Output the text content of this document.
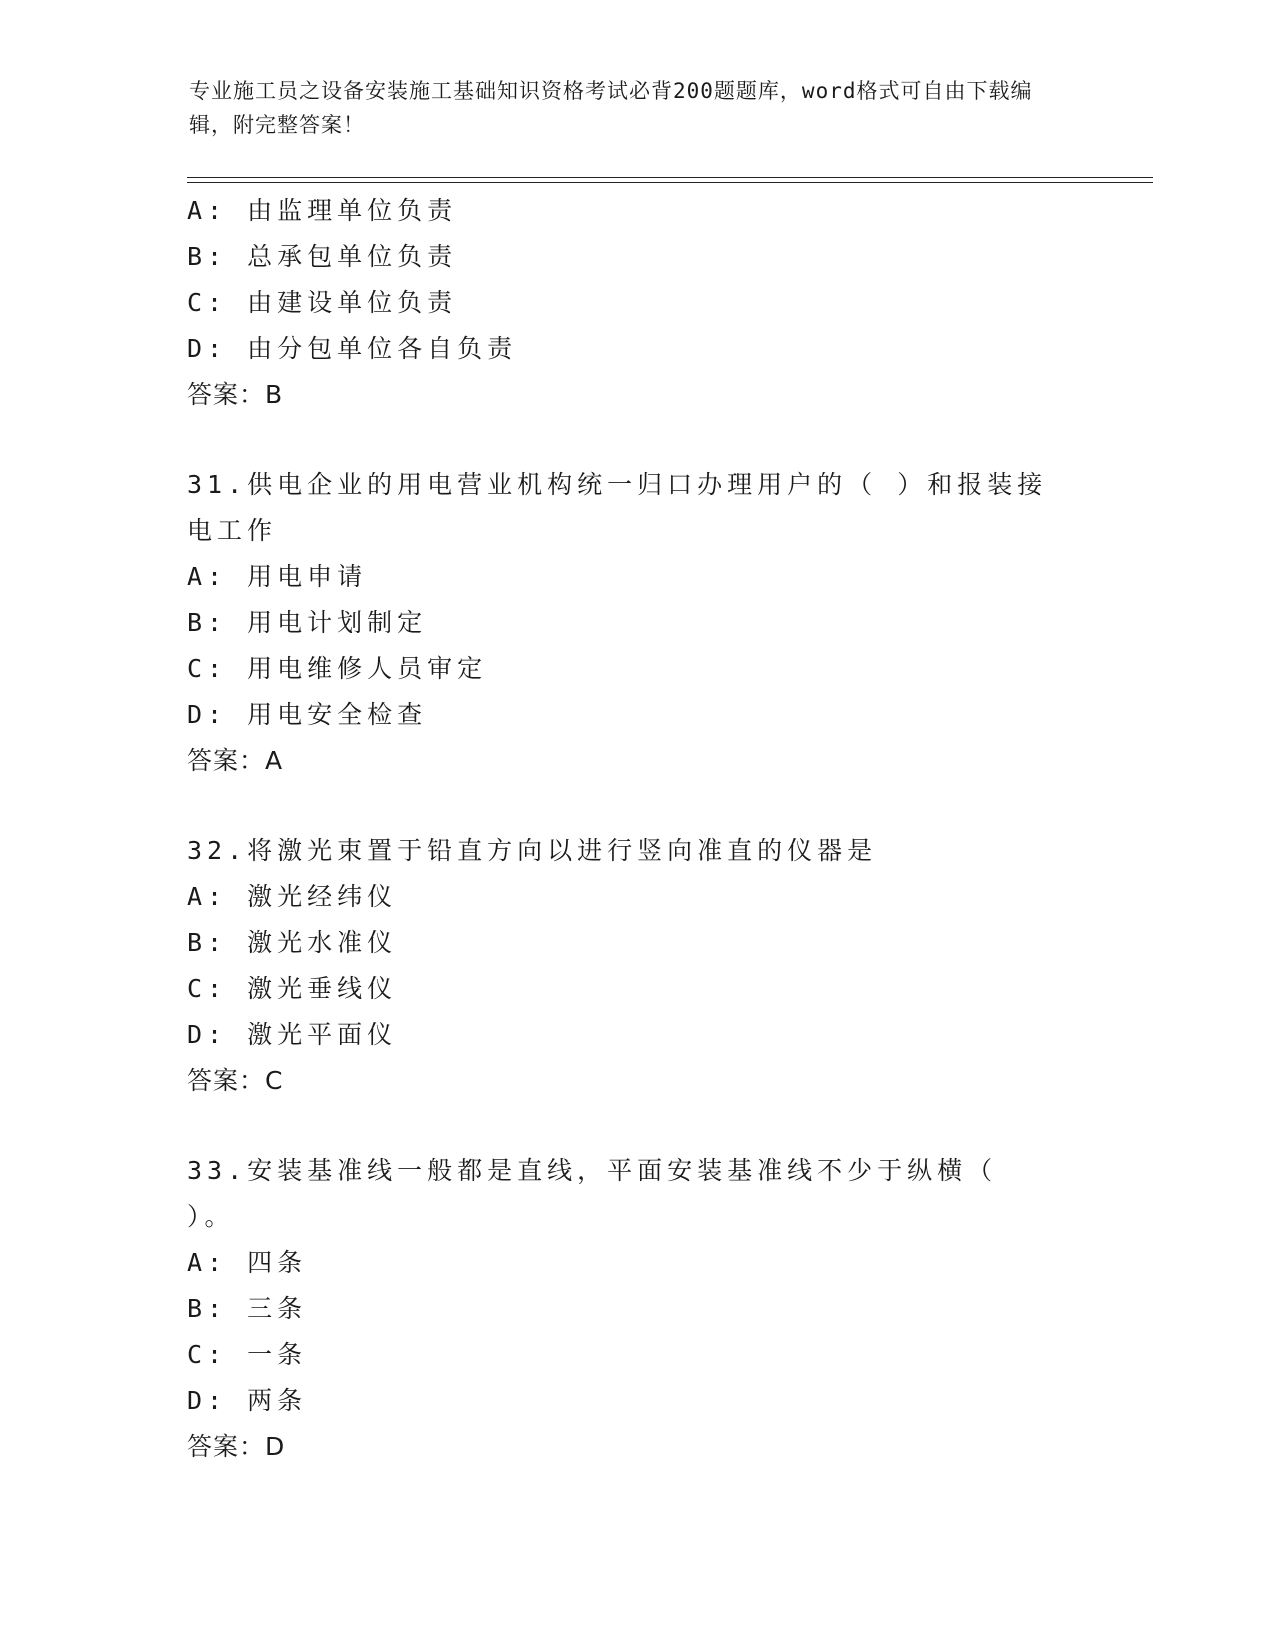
专业施工员之设备安装施工基础知识资格考试必背200题题库，word格式可自由下载编辑，附完整答案！
A: 由监理单位负责
B: 总承包单位负责
C: 由建设单位负责
D: 由分包单位各自负责
答案：B
31.供电企业的用电营业机构统一归口办理用户的（ ）和报装接电工作
A: 用电申请
B: 用电计划制定
C: 用电维修人员审定
D: 用电安全检查
答案：A
32.将激光束置于铅直方向以进行竖向准直的仪器是
A: 激光经纬仪
B: 激光水准仪
C: 激光垂线仪
D: 激光平面仪
答案：C
33.安装基准线一般都是直线，平面安装基准线不少于纵横（ ）。
A: 四条
B: 三条
C: 一条
D: 两条
答案：D
